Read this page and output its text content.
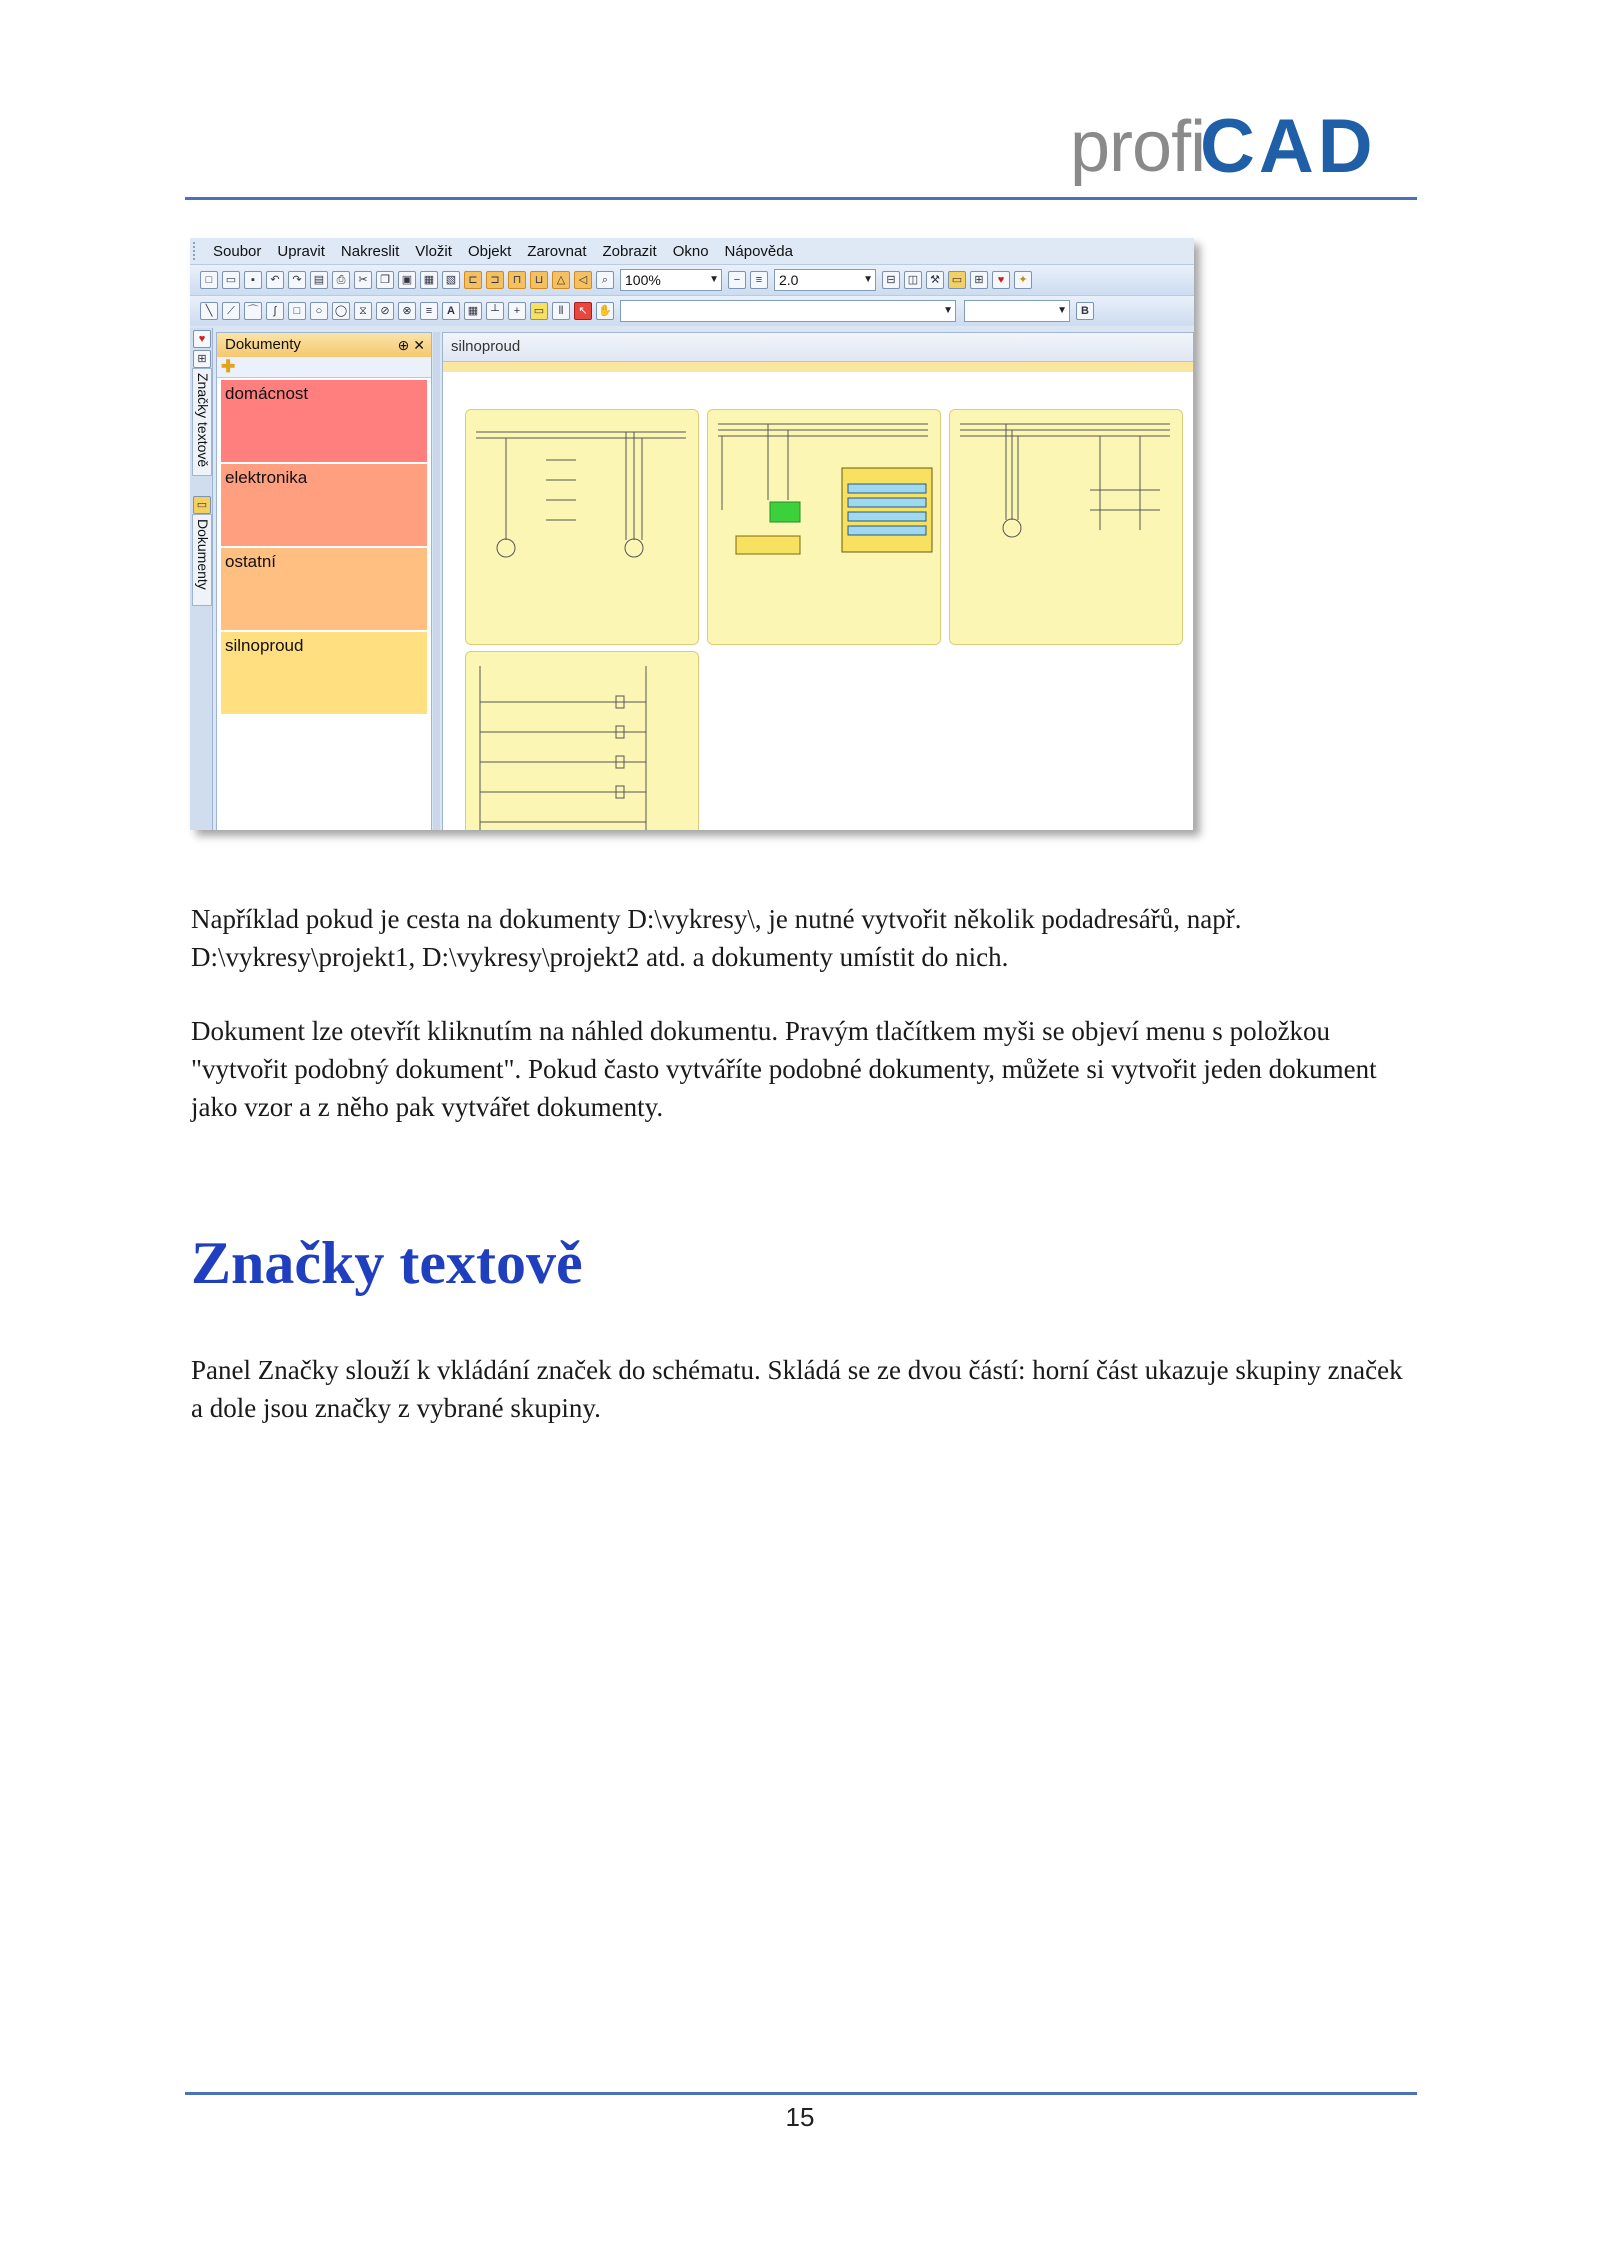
profi
CAD
Soubor	Upravit	Nakreslit	Vložit	Objekt	Zarovnat	Zobrazit	Okno	Nápověda
□	▭	▪	↶	↷	▤	⎙	✂	❐	▣	▦	▧	⊏	⊐	⊓	⊔	△	◁	⌕	100%	▼	−	≡	2.0	▼	⊟	◫	⚒	▭	⊞	♥	✦
╲	⟋	⌒	∫	□	○	◯	⧖	⊘	⊗	≡	A	▦	┴	+	▭	⦀	↖ ✋	▼	▼	B
♥
⊞
Značky textově
▭
Dokumenty
Dokumenty	⊕ ✕
✚
domácnost
elektronika
ostatní
silnoproud
silnoproud
Například pokud je cesta na dokumenty D:\vykresy\, je nutné vytvořit několik podadresářů, např. D:\vykresy\projekt1, D:\vykresy\projekt2 atd. a dokumenty umístit do nich.
Dokument lze otevřít kliknutím na náhled dokumentu. Pravým tlačítkem myši se objeví menu s položkou "vytvořit podobný dokument". Pokud často vytváříte podobné dokumenty, můžete si vytvořit jeden dokument jako vzor a z něho pak vytvářet dokumenty.
Značky textově
Panel Značky slouží k vkládání značek do schématu. Skládá se ze dvou částí: horní část ukazuje skupiny značek a dole jsou značky z vybrané skupiny.
15
